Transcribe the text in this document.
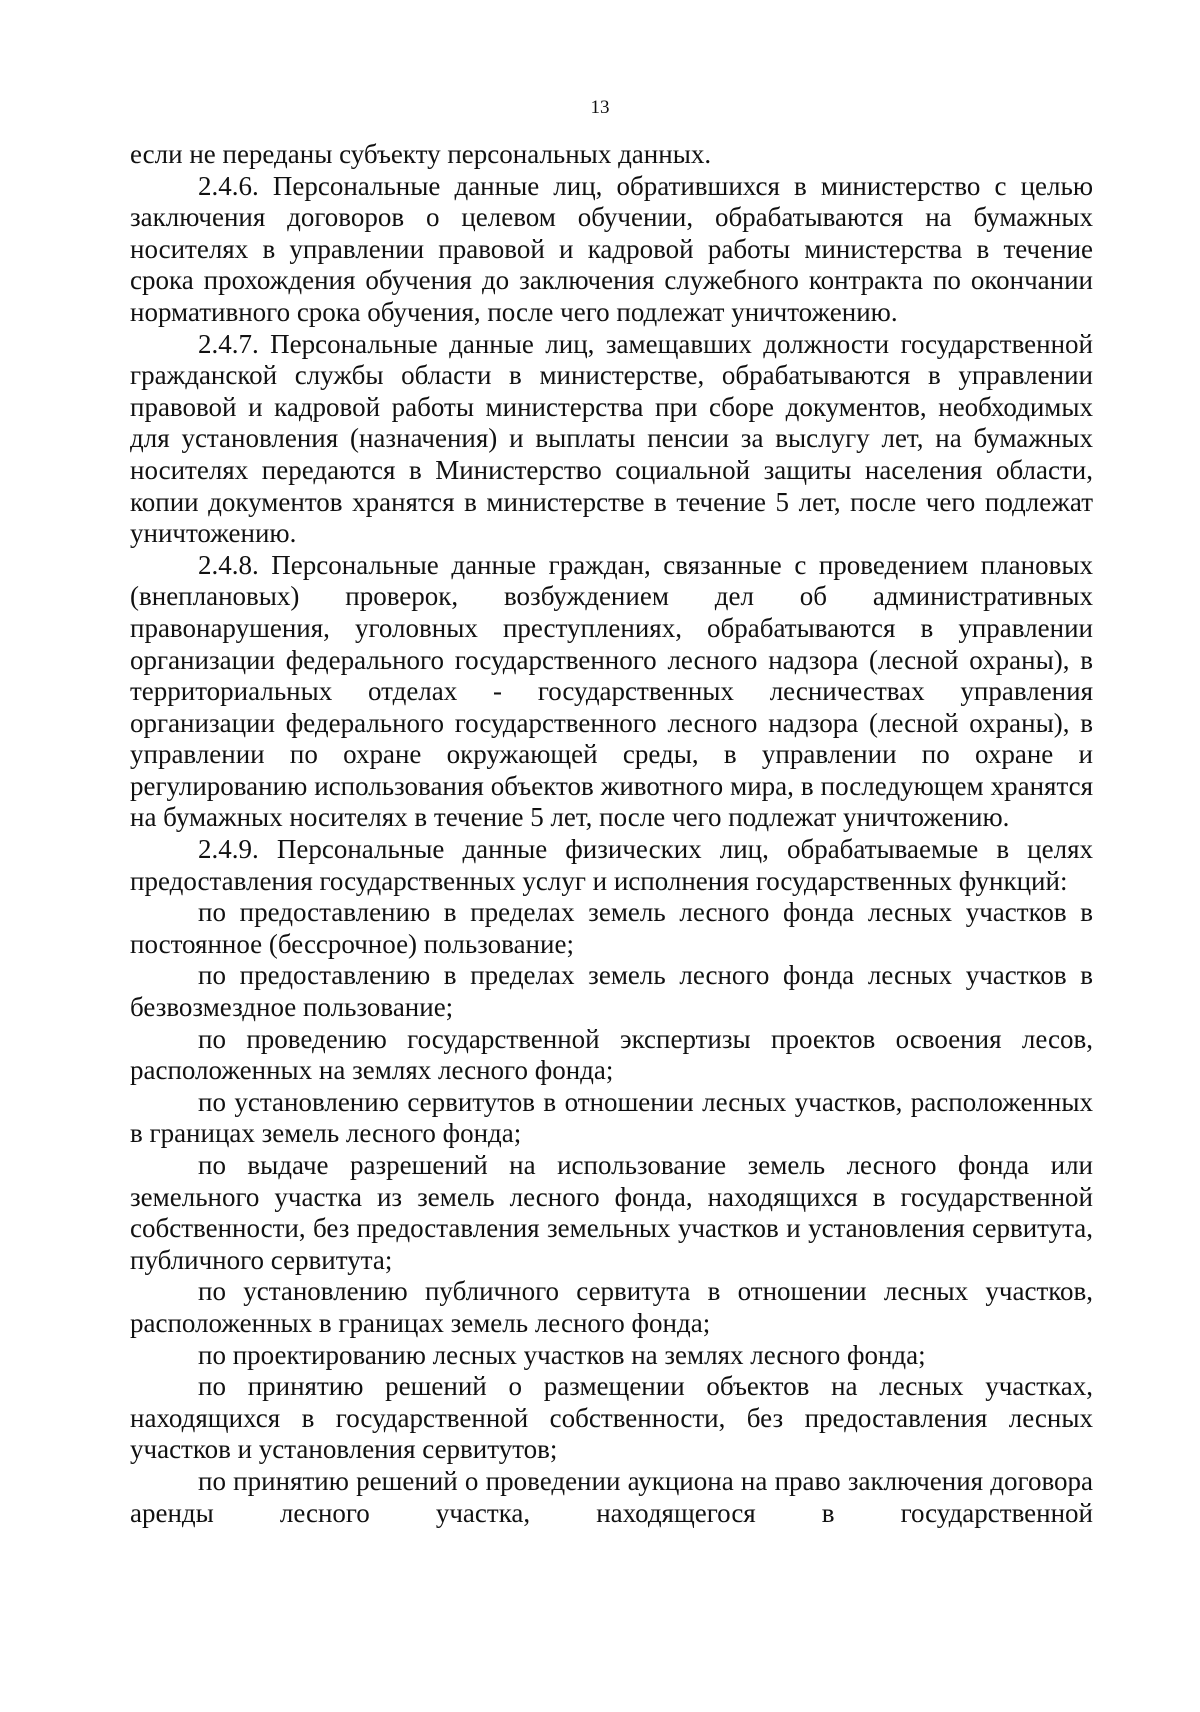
13

если не переданы субъекту персональных данных.

2.4.6. Персональные данные лиц, обратившихся в министерство с целью заключения договоров о целевом обучении, обрабатываются на бумажных носителях в управлении правовой и кадровой работы министерства в течение срока прохождения обучения до заключения служебного контракта по окончании нормативного срока обучения, после чего подлежат уничтожению.

2.4.7. Персональные данные лиц, замещавших должности государственной гражданской службы области в министерстве, обрабатываются в управлении правовой и кадровой работы министерства при сборе документов, необходимых для установления (назначения) и выплаты пенсии за выслугу лет, на бумажных носителях передаются в Министерство социальной защиты населения области, копии документов хранятся в министерстве в течение 5 лет, после чего подлежат уничтожению.

2.4.8. Персональные данные граждан, связанные с проведением плановых (внеплановых) проверок, возбуждением дел об административных правонарушения, уголовных преступлениях, обрабатываются в управлении организации федерального государственного лесного надзора (лесной охраны), в территориальных отделах - государственных лесничествах управления организации федерального государственного лесного надзора (лесной охраны), в управлении по охране окружающей среды, в управлении по охране и регулированию использования объектов животного мира, в последующем хранятся на бумажных носителях в течение 5 лет, после чего подлежат уничтожению.

2.4.9. Персональные данные физических лиц, обрабатываемые в целях предоставления государственных услуг и исполнения государственных функций:

по предоставлению в пределах земель лесного фонда лесных участков в постоянное (бессрочное) пользование;

по предоставлению в пределах земель лесного фонда лесных участков в безвозмездное пользование;

по проведению государственной экспертизы проектов освоения лесов, расположенных на землях лесного фонда;

по установлению сервитутов в отношении лесных участков, расположенных в границах земель лесного фонда;

по выдаче разрешений на использование земель лесного фонда или земельного участка из земель лесного фонда, находящихся в государственной собственности, без предоставления земельных участков и установления сервитута, публичного сервитута;

по установлению публичного сервитута в отношении лесных участков, расположенных в границах земель лесного фонда;

по проектированию лесных участков на землях лесного фонда;

по принятию решений о размещении объектов на лесных участках, находящихся в государственной собственности, без предоставления лесных участков и установления сервитутов;

по принятию решений о проведении аукциона на право заключения договора аренды лесного участка, находящегося в государственной
